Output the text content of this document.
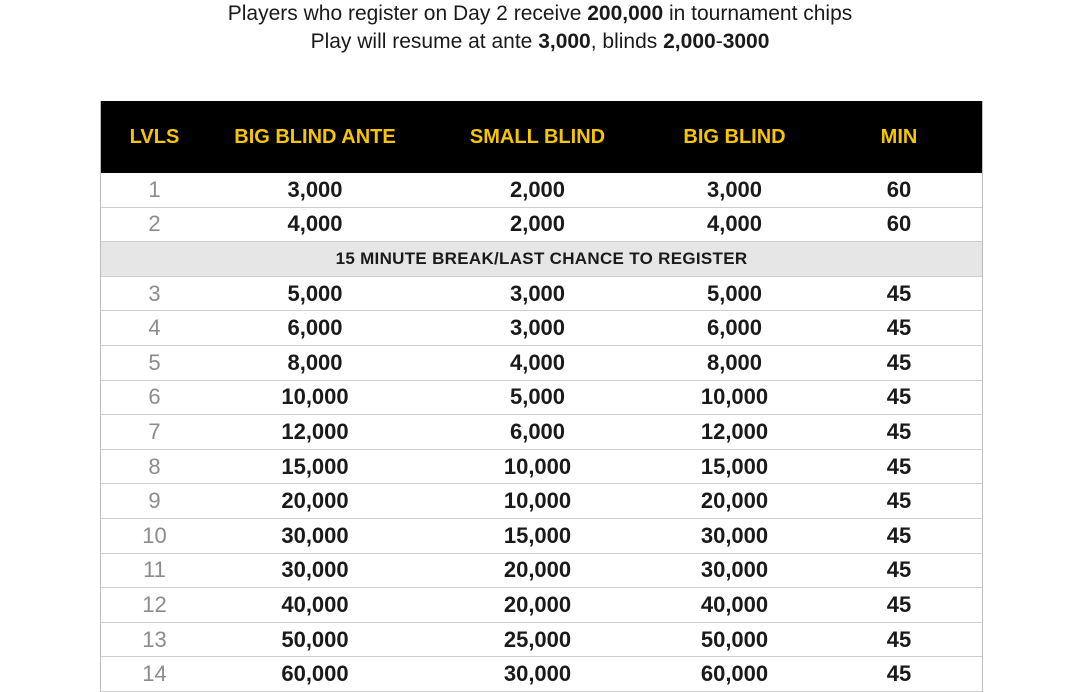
Players who register on Day 2 receive 200,000 in tournament chips
Play will resume at ante 3,000, blinds 2,000-3000
LVLS	BIG BLIND ANTE	SMALL BLIND	BIG BLIND	MIN
1	3,000	2,000	3,000	60
2	4,000	2,000	4,000	60
15 MINUTE BREAK/LAST CHANCE TO REGISTER
3	5,000	3,000	5,000	45
4	6,000	3,000	6,000	45
5	8,000	4,000	8,000	45
6	10,000	5,000	10,000	45
7	12,000	6,000	12,000	45
8	15,000	10,000	15,000	45
9	20,000	10,000	20,000	45
10	30,000	15,000	30,000	45
11	30,000	20,000	30,000	45
12	40,000	20,000	40,000	45
13	50,000	25,000	50,000	45
14	60,000	30,000	60,000	45
